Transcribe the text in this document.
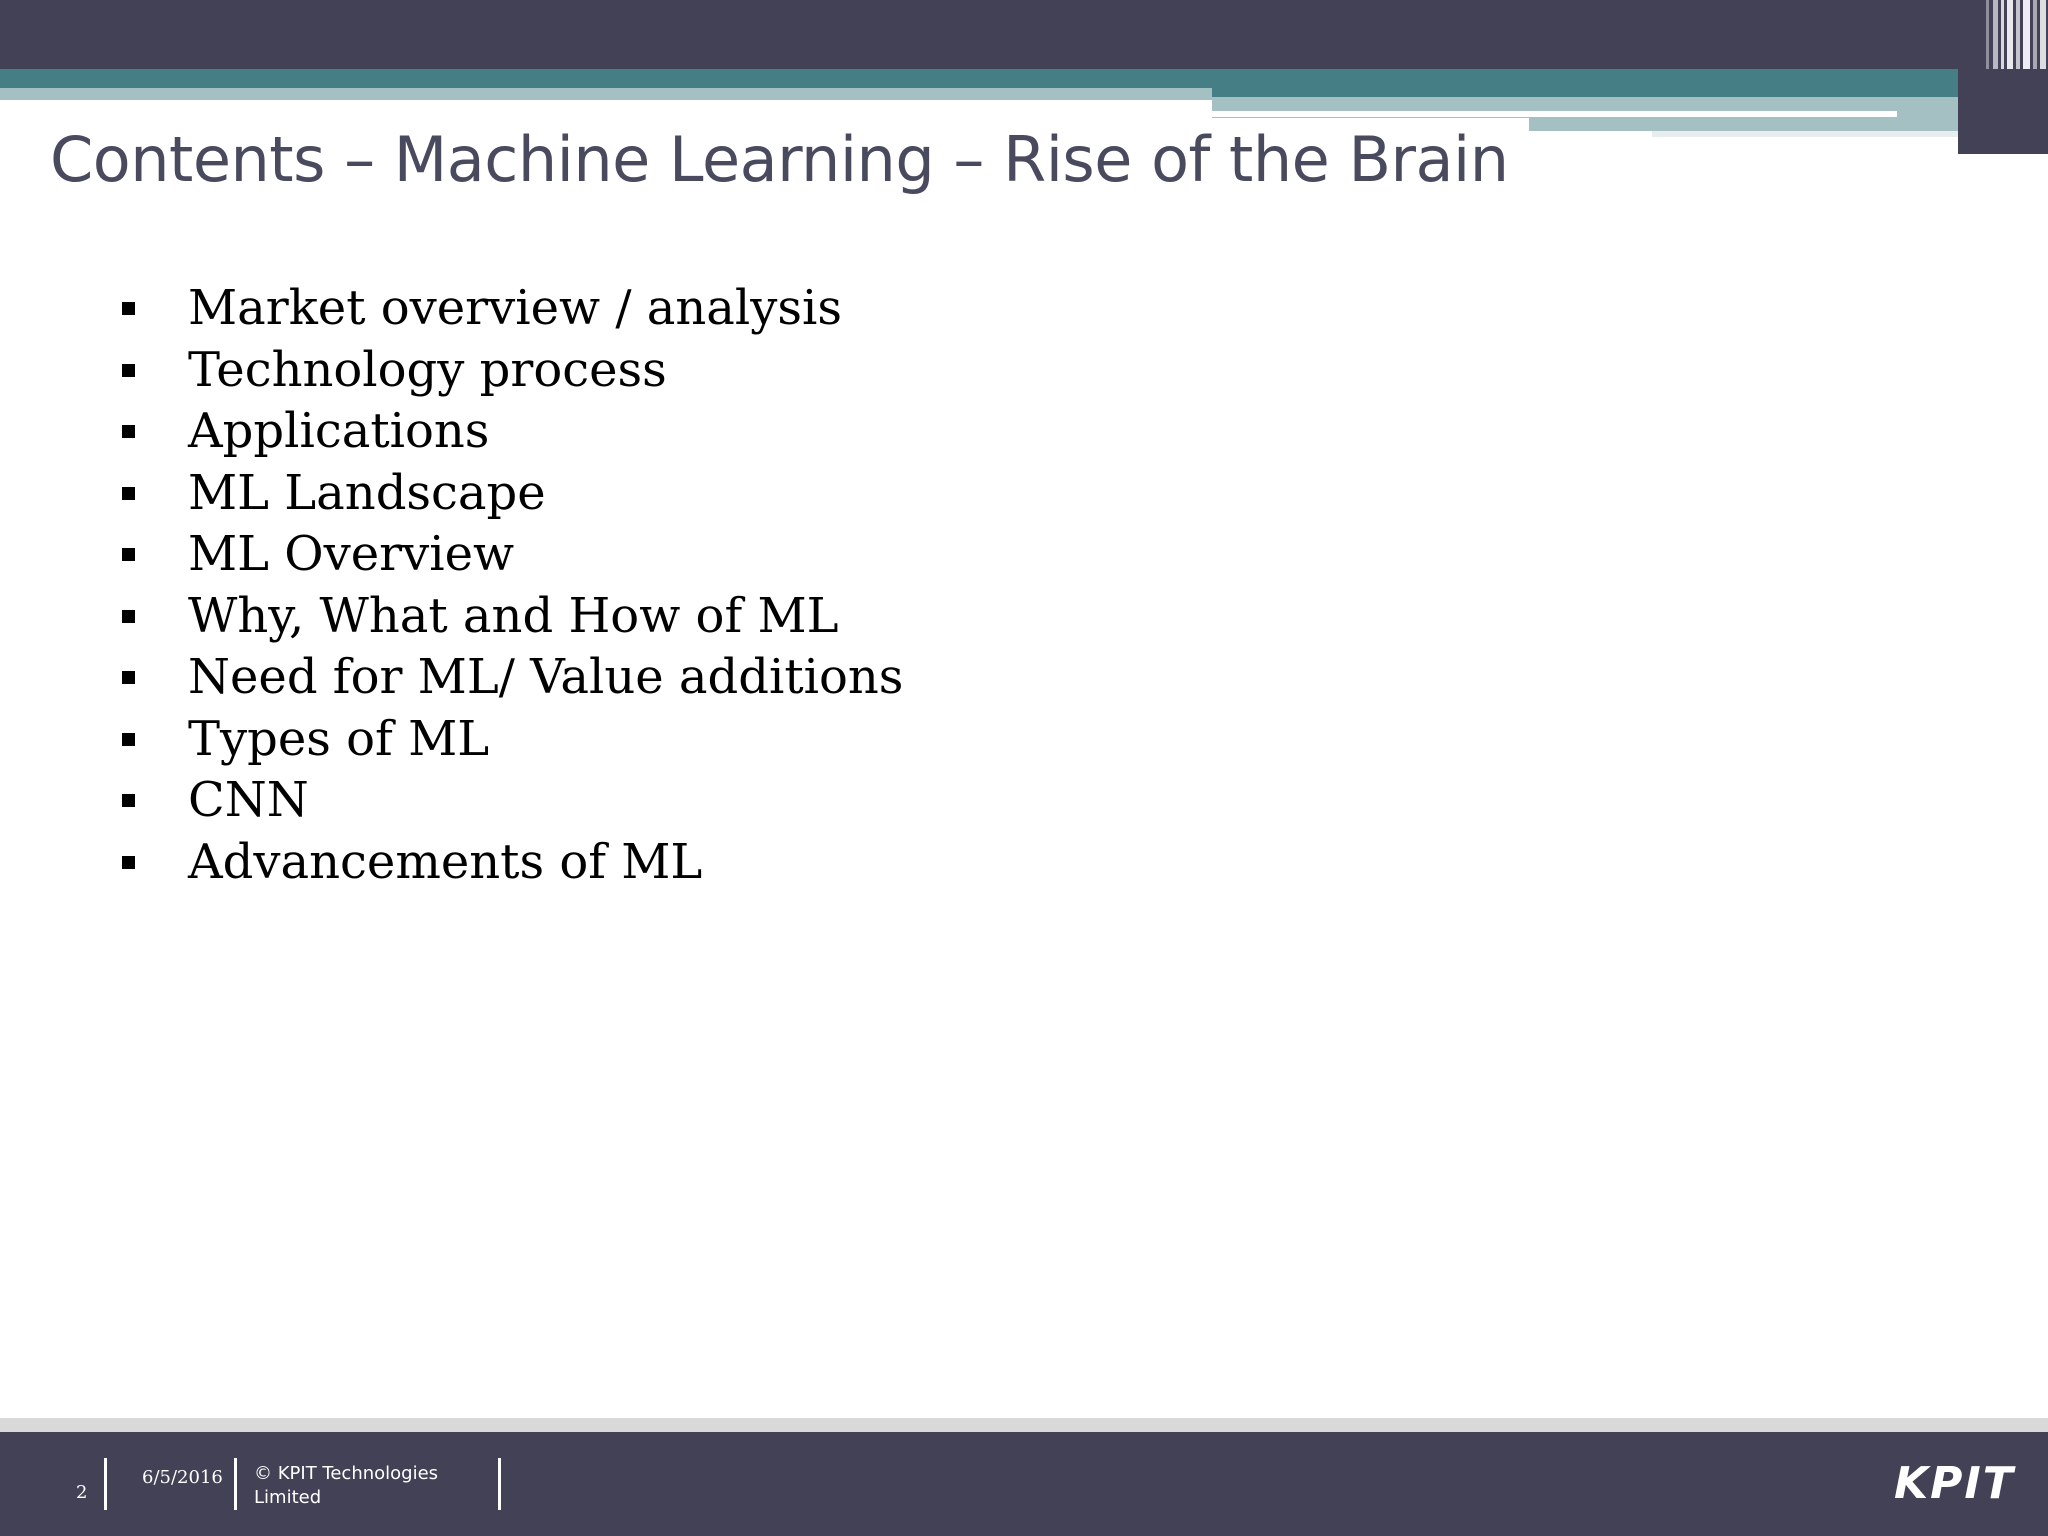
Contents – Machine Learning – Rise of the Brain
Market overview / analysis
Technology process
Applications
ML Landscape
ML Overview
Why, What and How of ML
Need for ML/ Value additions
Types of ML
CNN
Advancements of ML
2
6/5/2016 © KPIT Technologies Limited	KPIT
